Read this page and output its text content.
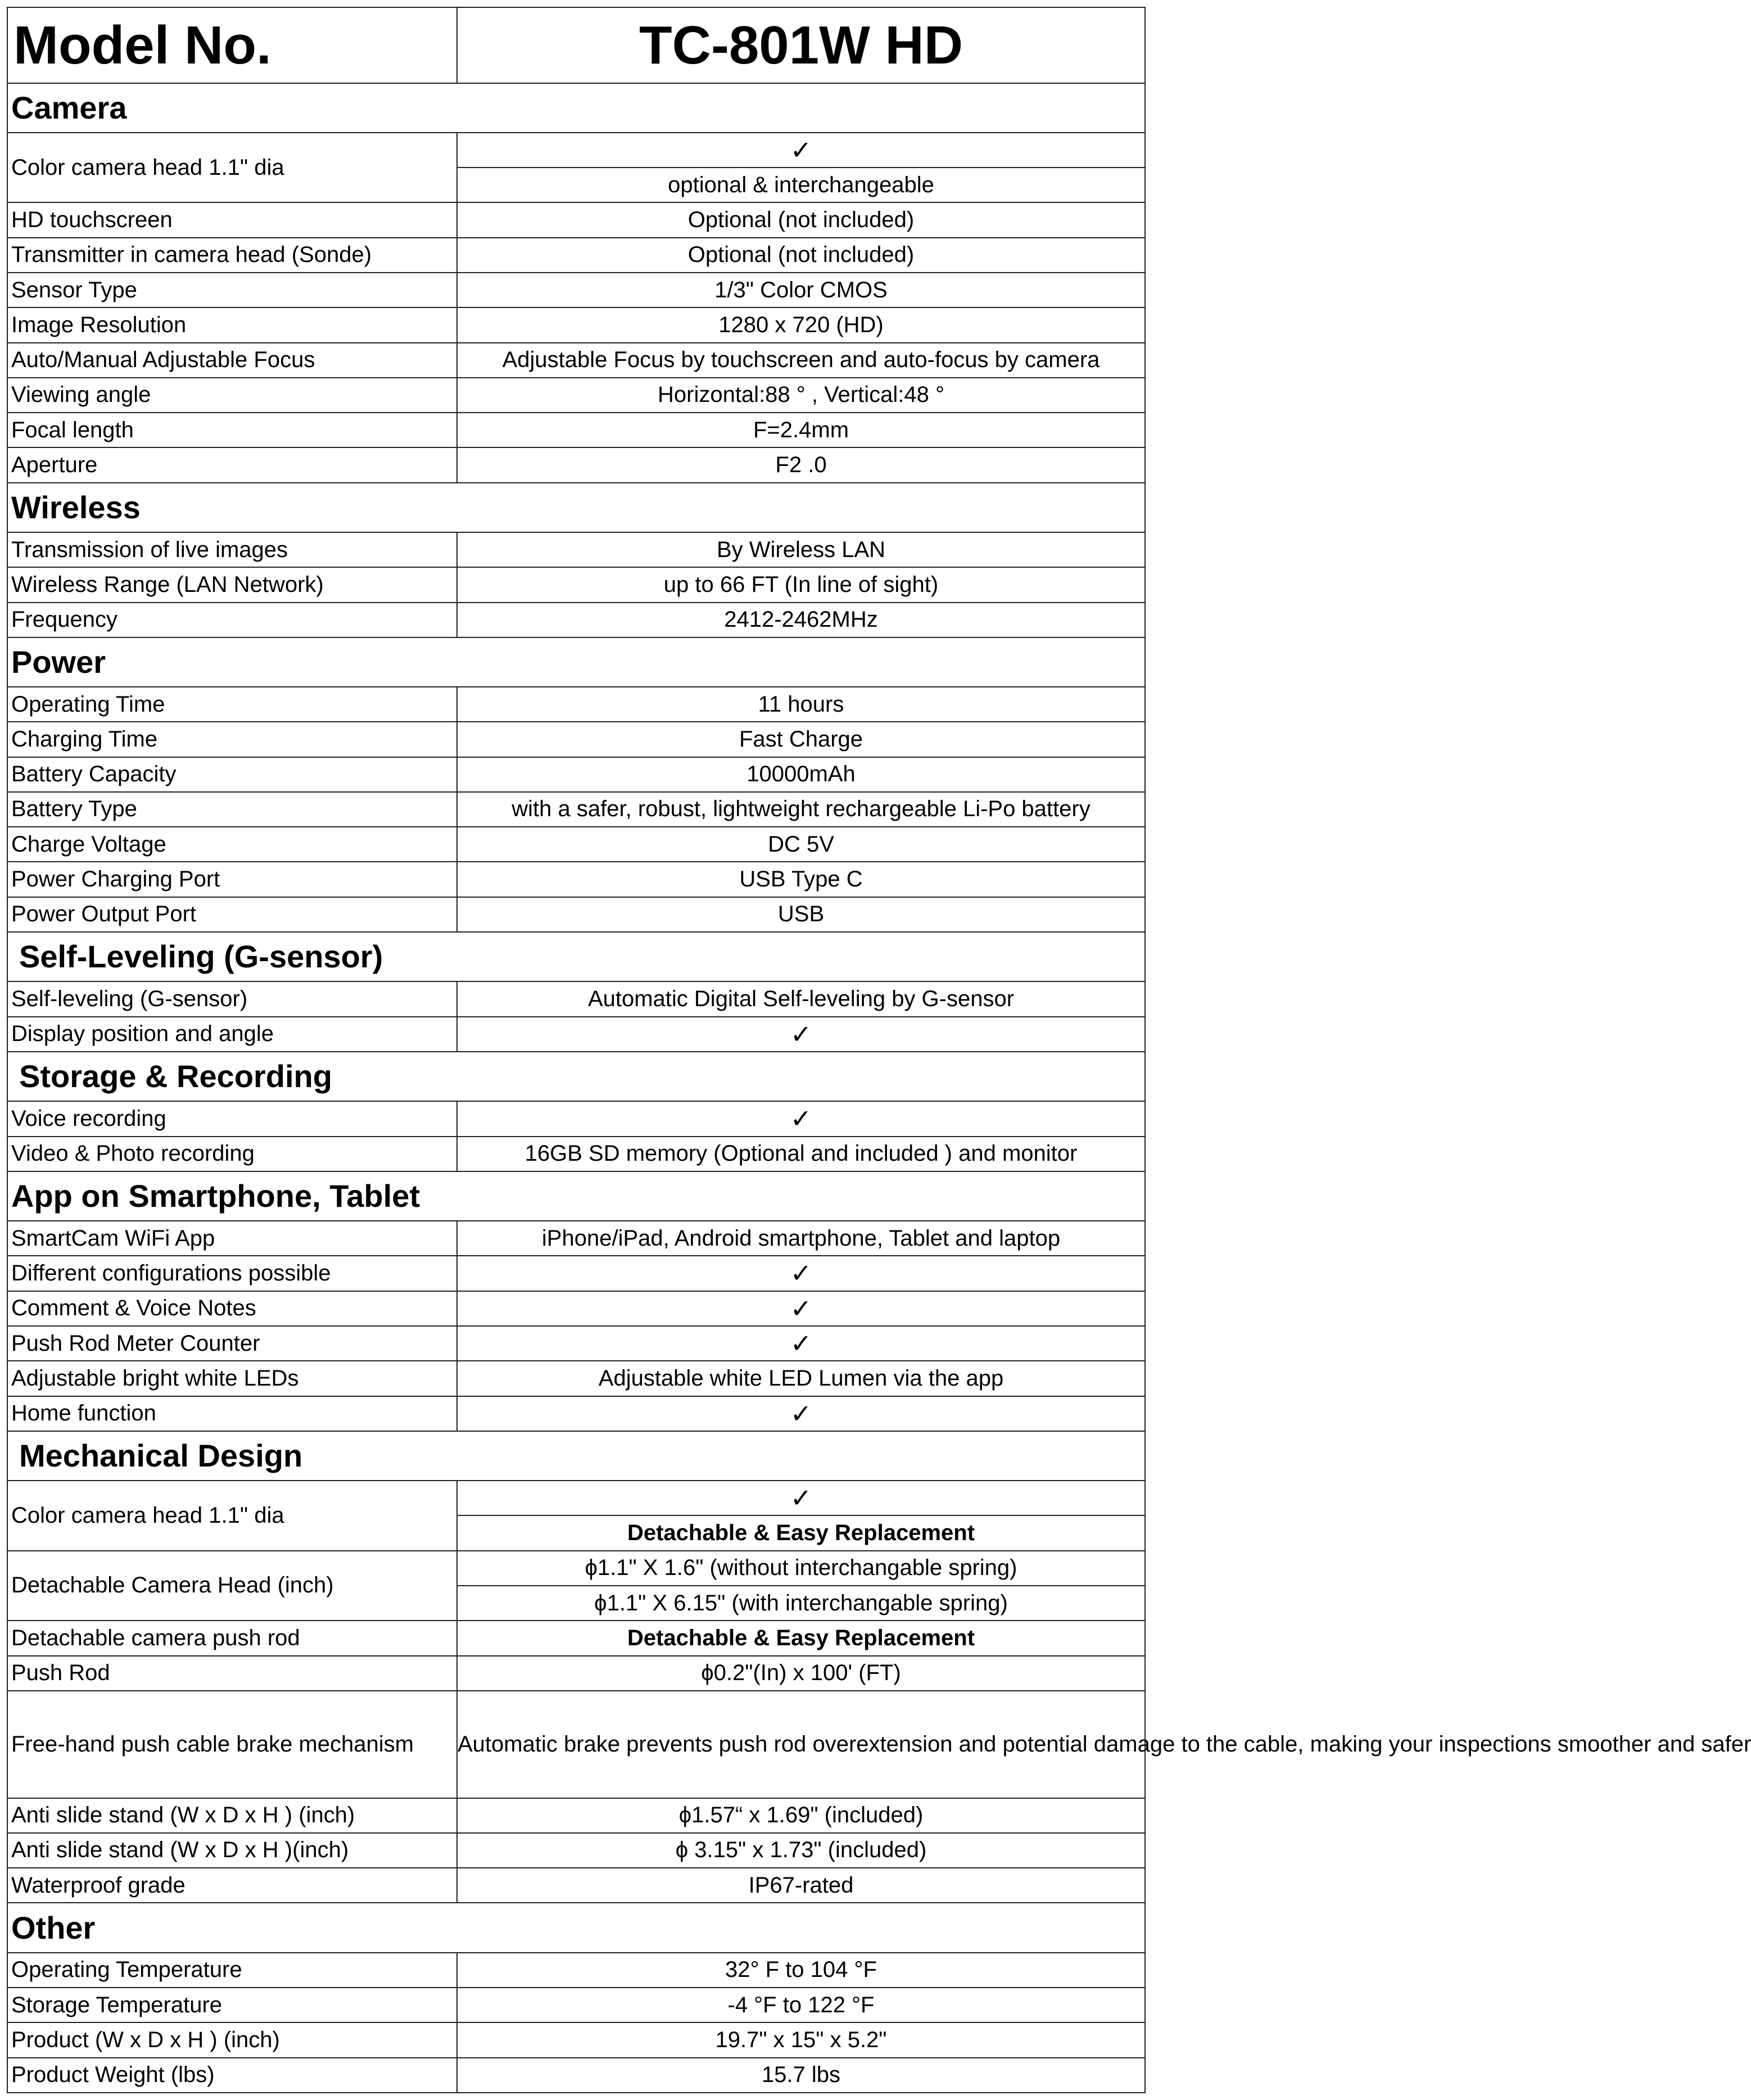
Model No.	TC-801W HD
Camera	
Color camera head 1.1" dia	✓
	optional & interchangeable
HD touchscreen	Optional (not included)
Transmitter in camera head (Sonde)	Optional (not included)
Sensor Type	1/3" Color CMOS
Image Resolution	1280 x 720 (HD)
Auto/Manual Adjustable Focus	Adjustable Focus by touchscreen and auto-focus by camera
Viewing angle	Horizontal:88 ° , Vertical:48 °
Focal length	F=2.4mm
Aperture	F2 .0
Wireless	
Transmission of live images	By Wireless LAN
Wireless Range (LAN Network)	up to 66 FT (In line of sight)
Frequency	2412-2462MHz
Power	
Operating Time	11 hours
Charging Time	Fast Charge
Battery Capacity	10000mAh
Battery Type	with a safer, robust, lightweight rechargeable Li-Po battery
Charge Voltage	DC 5V
Power Charging Port	USB Type C
Power Output Port	USB
Self-Leveling (G-sensor)	
Self-leveling (G-sensor)	Automatic Digital Self-leveling by G-sensor
Display position and angle	✓
Storage & Recording	
Voice recording	✓
Video & Photo recording	16GB SD memory (Optional and included ) and monitor
App on Smartphone, Tablet	
SmartCam WiFi App	iPhone/iPad, Android smartphone, Tablet and laptop
Different configurations possible	✓
Comment & Voice Notes	✓
Push Rod Meter Counter	✓
Adjustable bright white LEDs	Adjustable white LED Lumen via the app
Home function	✓
Mechanical Design	
Color camera head 1.1" dia	✓
	Detachable & Easy Replacement
Detachable Camera Head (inch)	ϕ1.1" X 1.6" (without interchangable spring)
	ϕ1.1" X 6.15" (with interchangable spring)
Detachable camera push rod	Detachable & Easy Replacement
Push Rod	ϕ0.2"(In) x 100' (FT)
Free-hand push cable brake mechanism	Automatic brake prevents push rod overextension and potential damage to the cable, making your inspections smoother and safer
Anti slide stand (W x D x H ) (inch)	ϕ1.57“ x 1.69" (included)
Anti slide stand (W x D x H )(inch)	ϕ 3.15" x 1.73" (included)
Waterproof grade	IP67-rated
Other	
Operating Temperature	32° F to 104 °F
Storage Temperature	-4 °F to 122 °F
Product (W x D x H ) (inch)	19.7" x 15" x 5.2"
Product Weight (lbs)	15.7 lbs
